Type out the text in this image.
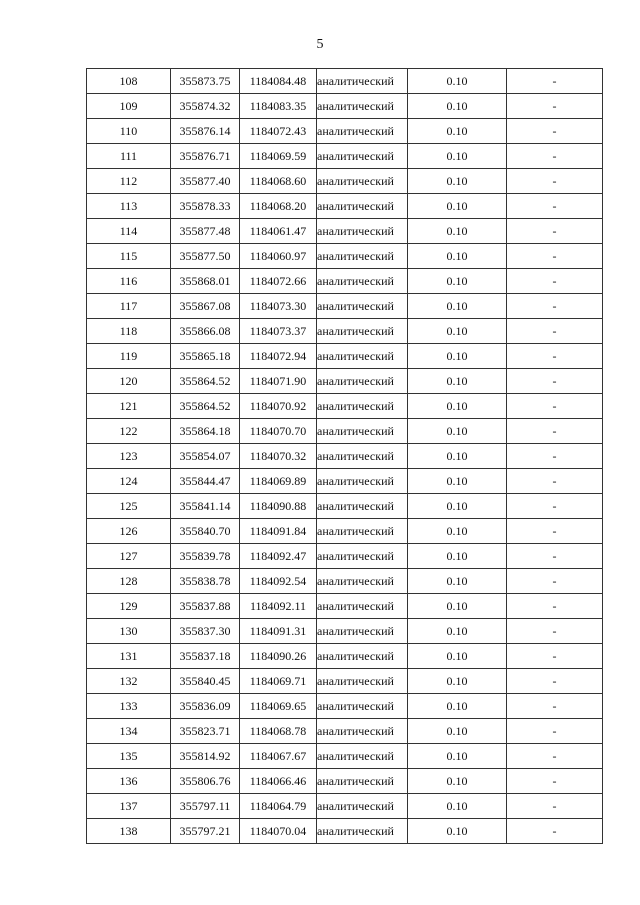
5
108	355873.75	1184084.48	аналитический	0.10	-
109	355874.32	1184083.35	аналитический	0.10	-
110	355876.14	1184072.43	аналитический	0.10	-
111	355876.71	1184069.59	аналитический	0.10	-
112	355877.40	1184068.60	аналитический	0.10	-
113	355878.33	1184068.20	аналитический	0.10	-
114	355877.48	1184061.47	аналитический	0.10	-
115	355877.50	1184060.97	аналитический	0.10	-
116	355868.01	1184072.66	аналитический	0.10	-
117	355867.08	1184073.30	аналитический	0.10	-
118	355866.08	1184073.37	аналитический	0.10	-
119	355865.18	1184072.94	аналитический	0.10	-
120	355864.52	1184071.90	аналитический	0.10	-
121	355864.52	1184070.92	аналитический	0.10	-
122	355864.18	1184070.70	аналитический	0.10	-
123	355854.07	1184070.32	аналитический	0.10	-
124	355844.47	1184069.89	аналитический	0.10	-
125	355841.14	1184090.88	аналитический	0.10	-
126	355840.70	1184091.84	аналитический	0.10	-
127	355839.78	1184092.47	аналитический	0.10	-
128	355838.78	1184092.54	аналитический	0.10	-
129	355837.88	1184092.11	аналитический	0.10	-
130	355837.30	1184091.31	аналитический	0.10	-
131	355837.18	1184090.26	аналитический	0.10	-
132	355840.45	1184069.71	аналитический	0.10	-
133	355836.09	1184069.65	аналитический	0.10	-
134	355823.71	1184068.78	аналитический	0.10	-
135	355814.92	1184067.67	аналитический	0.10	-
136	355806.76	1184066.46	аналитический	0.10	-
137	355797.11	1184064.79	аналитический	0.10	-
138	355797.21	1184070.04	аналитический	0.10	-
